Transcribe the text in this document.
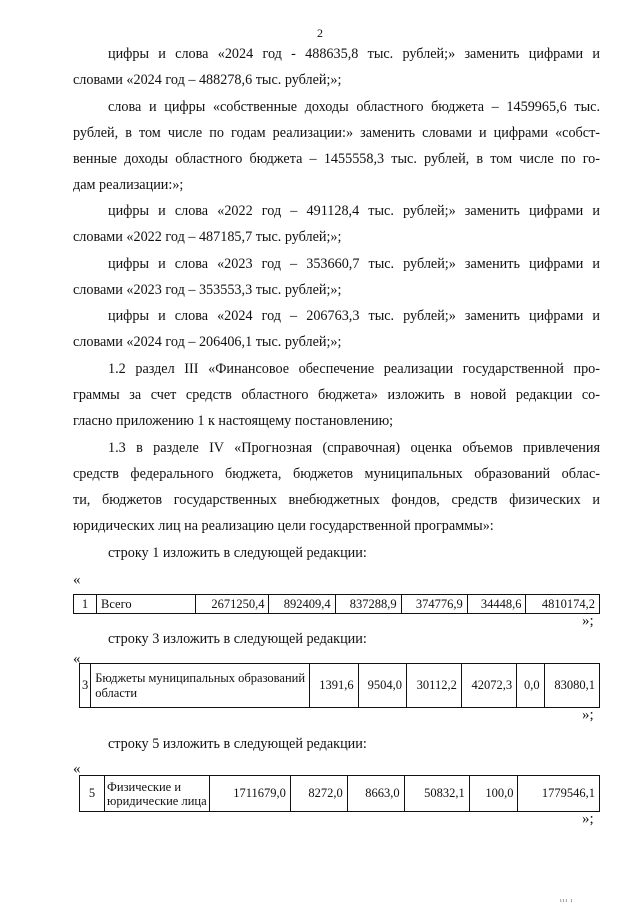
2
цифры и слова «2024 год - 488635,8 тыс. рублей;» заменить цифрами и
словами «2024 год – 488278,6 тыс. рублей;»;
слова и цифры «собственные доходы областного бюджета – 1459965,6 тыс.
рублей, в том числе по годам реализации:» заменить словами и цифрами «собст-
венные доходы областного бюджета – 1455558,3 тыс. рублей, в том числе по го-
дам реализации:»;
цифры и слова «2022 год – 491128,4 тыс. рублей;» заменить цифрами и
словами «2022 год – 487185,7 тыс. рублей;»;
цифры и слова «2023 год – 353660,7 тыс. рублей;» заменить цифрами и
словами «2023 год – 353553,3 тыс. рублей;»;
цифры и слова «2024 год – 206763,3 тыс. рублей;» заменить цифрами и
словами «2024 год – 206406,1 тыс. рублей;»;
1.2 раздел III «Финансовое обеспечение реализации государственной про-
граммы за счет средств областного бюджета» изложить в новой редакции со-
гласно приложению 1 к настоящему постановлению;
1.3 в разделе IV «Прогнозная (справочная) оценка объемов привлечения
средств федерального бюджета, бюджетов муниципальных образований облас-
ти, бюджетов государственных внебюджетных фондов, средств физических и
юридических лиц на реализацию цели государственной программы»:
строку 1 изложить в следующей редакции:
«
1	Всего	2671250,4	892409,4	837288,9	374776,9	34448,6	4810174,2
»;
строку 3 изложить в следующей редакции:
«
3	Бюджеты муниципальных образований области	1391,6	9504,0	30112,2	42072,3	0,0	83080,1
»;
строку 5 изложить в следующей редакции:
«
5	Физические и юридические лица	1711679,0	8272,0	8663,0	50832,1	100,0	1779546,1
»;
ııı ı
